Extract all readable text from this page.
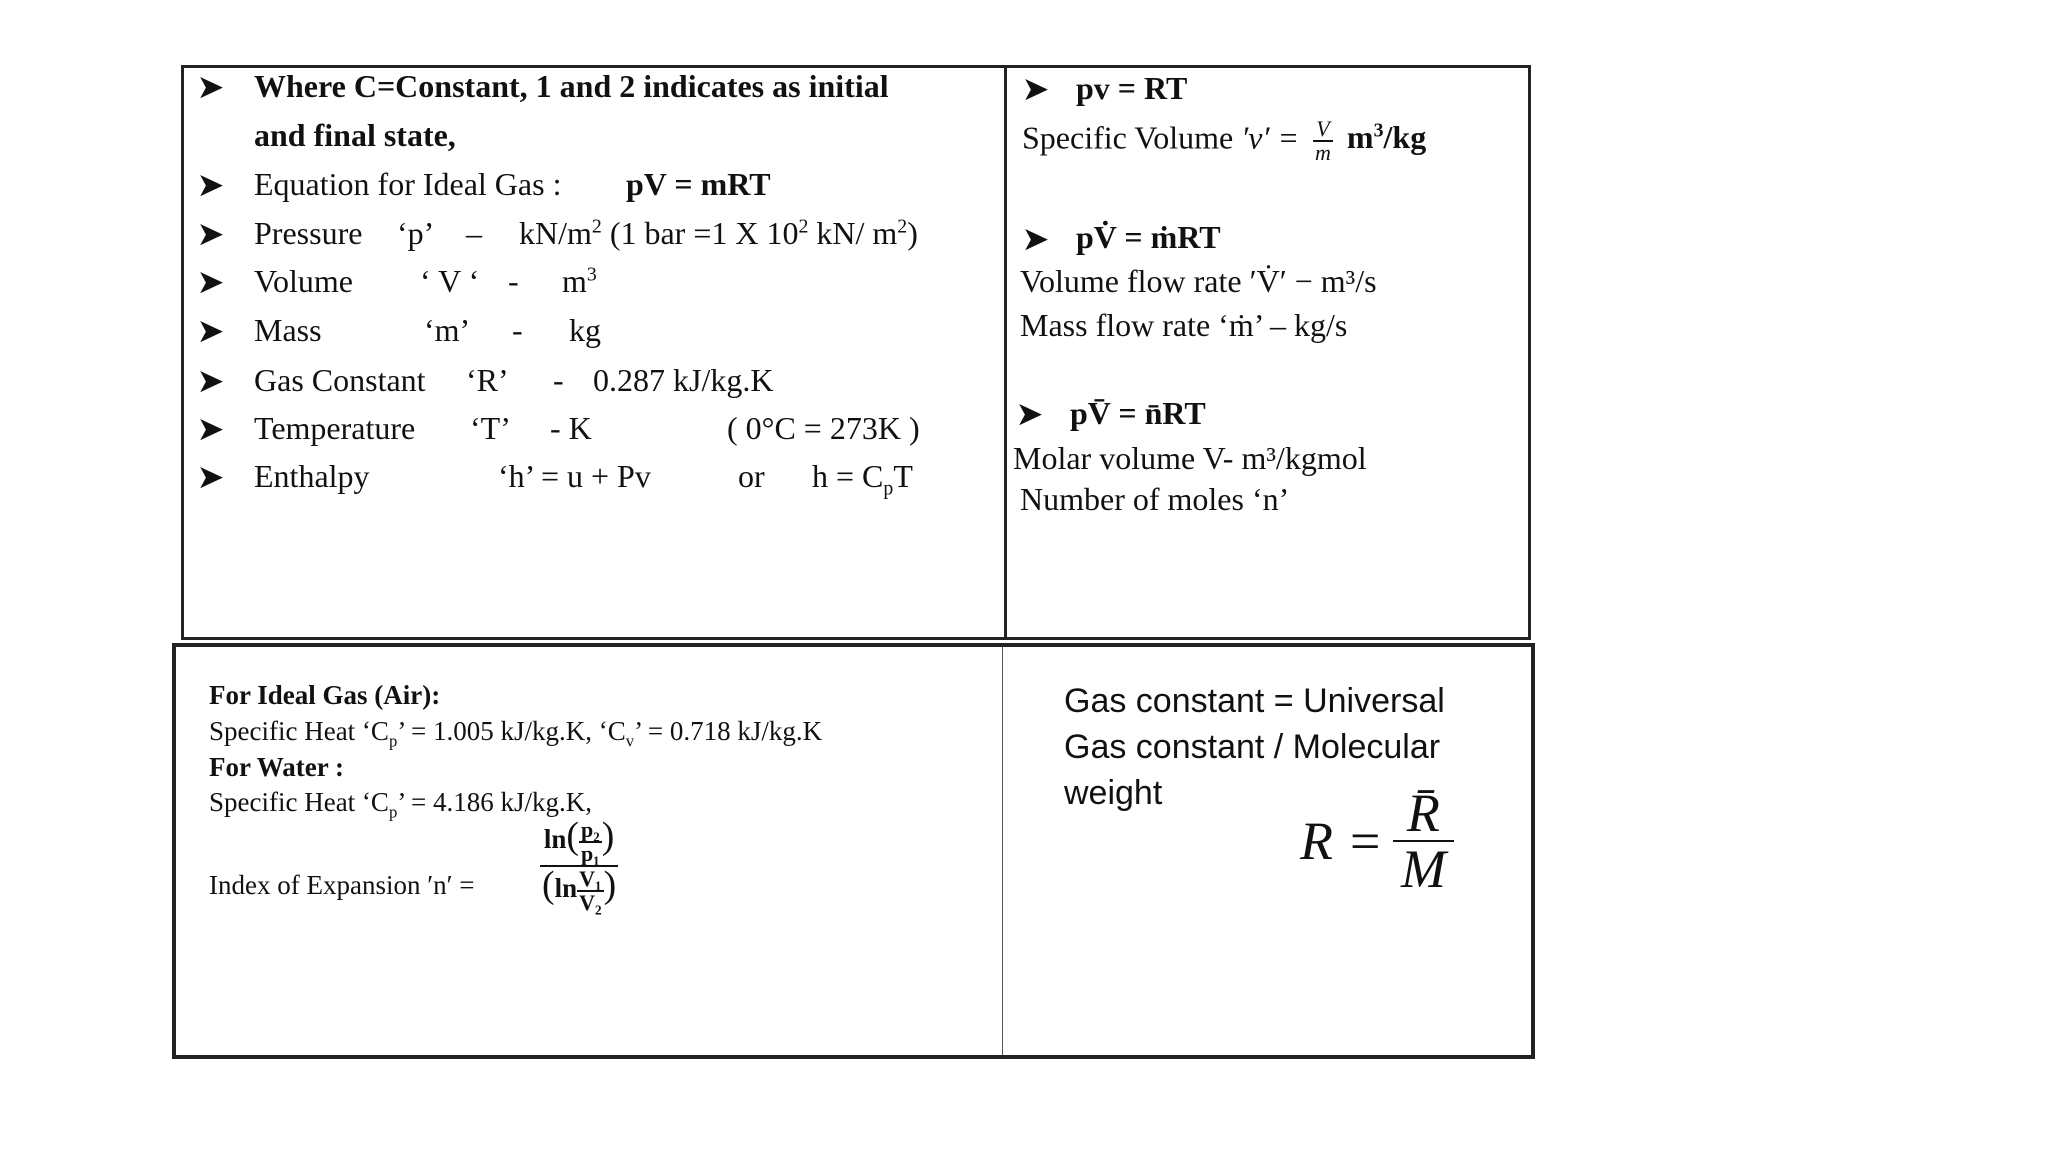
➤ Where C=Constant, 1 and 2 indicates as initial
and final state,
➤ Equation for Ideal Gas : pV = mRT
➤ Pressure ‘p’ – $kN/m^2$ (1 bar =1 X $10^2$ kN/ $m^2$)
➤ Volume ‘ V ‘ - $m^3$
➤ Mass	‘m’ - kg
➤ Gas Constant ‘R’ - 0.287 kJ/kg.K
➤ Temperature ‘T’ - K	( 0°C = 273K )
➤ Enthalpy	‘h’ = u + Pv	or $h = C_pT$
➤ pv = RT
Specific Volume $'v' = \frac{V}{m} m^3/kg$
➤ pV̇ = ṁRT
Volume flow rate ′V̇′ − m³/s
Mass flow rate ‘ṁ’ – kg/s
➤ pV̄ = n̄RT
Molar volume V- m³/kgmol
Number of moles ‘n’
For Ideal Gas (Air):
Specific Heat ‘$C_p$’ = 1.005 kJ/kg.K, ‘$C_v$’ = 0.718 kJ/kg.K
For Water :
Specific Heat ‘$C_p$’ = 4.186 kJ/kg.K,
Index of Expansion $'n' = \frac{\ln( \frac{\text{p₂}}{\text{p₁}} )}{(\ln \frac{\text{V₁}}{\text{V₂}} )}$
Gas constant = Universal
Gas constant / Molecular
weight
$R = \frac{R̄}{M}$
